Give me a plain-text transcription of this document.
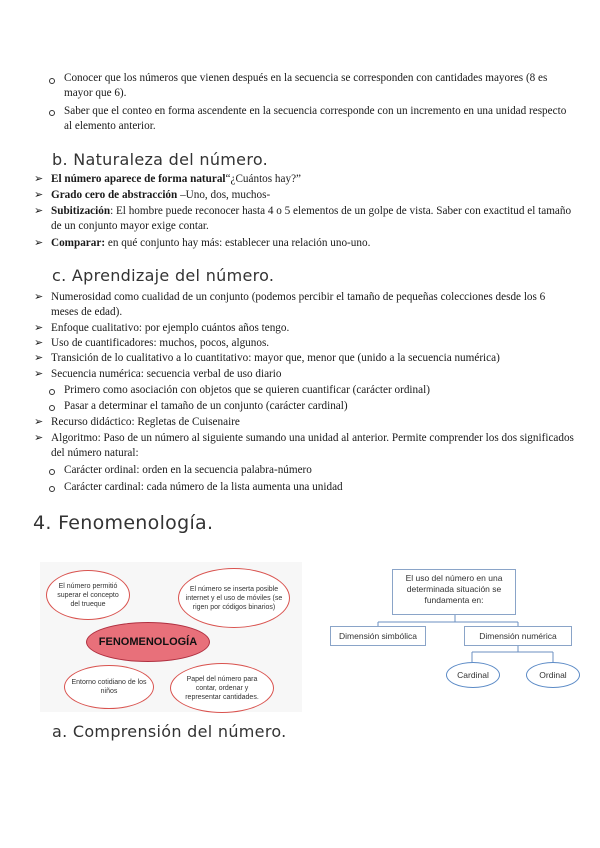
Conocer que los números que vienen después en la secuencia se corresponden con cantidades mayores (8 es mayor que 6).
Saber que el conteo en forma ascendente en la secuencia corresponde con un incremento en una unidad respecto al elemento anterior.
b. Naturaleza del número.
➢ El número aparece de forma natural“¿Cuántos hay?”
➢ Grado cero de abstracción –Uno, dos, muchos-
➢ Subitización: El hombre puede reconocer hasta 4 o 5 elementos de un golpe de vista. Saber con exactitud el tamaño de un conjunto mayor exige contar.
➢ Comparar: en qué conjunto hay más: establecer una relación uno-uno.
c. Aprendizaje del número.
➢ Numerosidad como cualidad de un conjunto (podemos percibir el tamaño de pequeñas colecciones desde los 6 meses de edad).
➢ Enfoque cualitativo: por ejemplo cuántos años tengo.
➢ Uso de cuantificadores: muchos, pocos, algunos.
➢ Transición de lo cualitativo a lo cuantitativo: mayor que, menor que (unido a la secuencia numérica)
➢ Secuencia numérica: secuencia verbal de uso diario
Primero como asociación con objetos que se quieren cuantificar (carácter ordinal)
Pasar a determinar el tamaño de un conjunto (carácter cardinal)
➢ Recurso didáctico: Regletas de Cuisenaire
➢ Algoritmo: Paso de un número al siguiente sumando una unidad al anterior. Permite comprender los dos significados del número natural:
Carácter ordinal: orden en la secuencia palabra-número
Carácter cardinal: cada número de la lista aumenta una unidad
4. Fenomenología.
El número permitió superar el concepto del trueque
El número se inserta posible internet y el uso de móviles (se rigen por códigos binarios)
FENOMENOLOGÍA
Entorno cotidiano de los niños
Papel del número para contar, ordenar y representar cantidades.
El uso del número en una determinada situación se fundamenta en:
Dimensión simbólica	Dimensión numérica
Cardinal	Ordinal
a. Comprensión del número.
